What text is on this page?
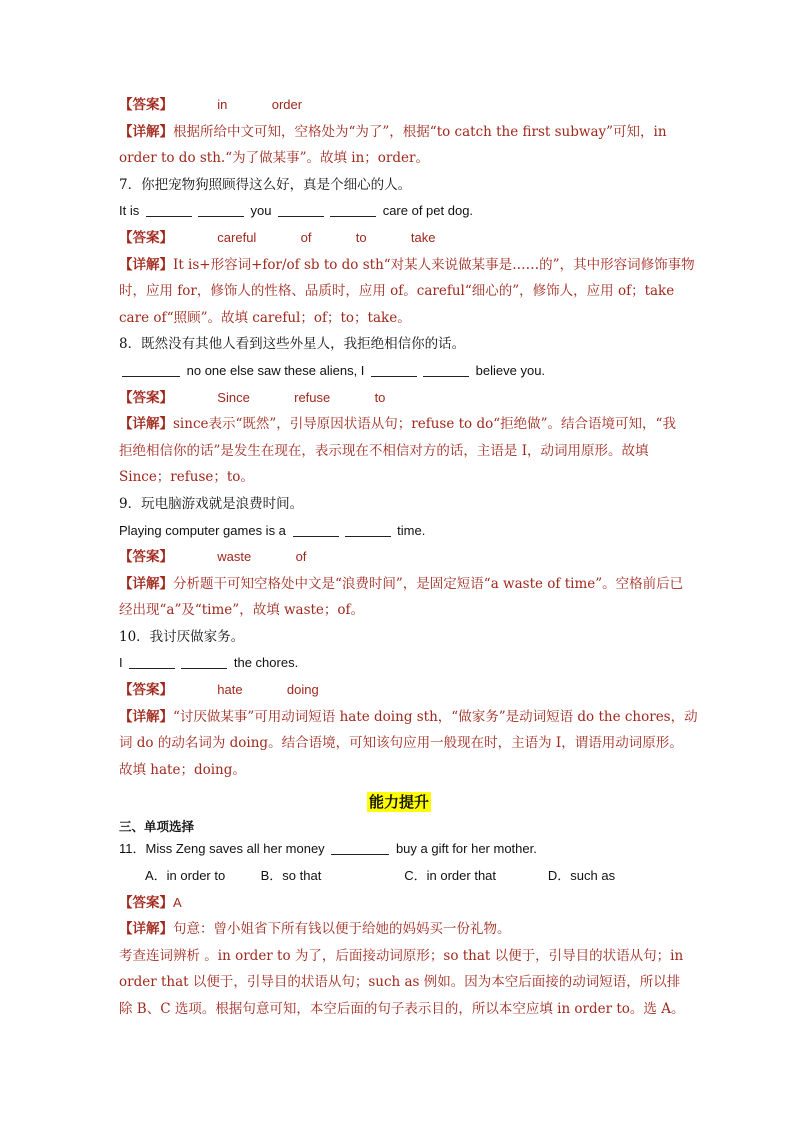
【答案】	in	order
【详解】根据所给中文可知，空格处为“为了”，根据“to catch the first subway”可知，in
order to do sth.“为了做某事”。故填 in；order。
7．你把宠物狗照顾得这么好，真是个细心的人。
It is	you	care of pet dog.
【答案】	careful	of	to	take
【详解】It is+形容词+for/of sb to do sth“对某人来说做某事是……的”，其中形容词修饰事物
时，应用 for，修饰人的性格、品质时，应用 of。careful“细心的”，修饰人，应用 of；take
care of“照顾”。故填 careful；of；to；take。
8．既然没有其他人看到这些外星人，我拒绝相信你的话。
no one else saw these aliens, I	believe you.
【答案】	Since	refuse	to
【详解】since表示“既然”，引导原因状语从句；refuse to do“拒绝做”。结合语境可知，“我
拒绝相信你的话”是发生在现在，表示现在不相信对方的话，主语是 I，动词用原形。故填
Since；refuse；to。
9．玩电脑游戏就是浪费时间。
Playing computer games is a	time.
【答案】	waste	of
【详解】分析题干可知空格处中文是“浪费时间”，是固定短语“a waste of time”。空格前后已
经出现“a”及“time”，故填 waste；of。
10．我讨厌做家务。
I	the chores.
【答案】	hate	doing
【详解】“讨厌做某事”可用动词短语 hate doing sth，“做家务”是动词短语 do the chores，动
词 do 的动名词为 doing。结合语境，可知该句应用一般现在时，主语为 I，谓语用动词原形。
故填 hate；doing。
能力提升
三、单项选择
11．Miss Zeng saves all her money	buy a gift for her mother.
A．in order to	B．so that	C．in order that	D．such as
【答案】A
【详解】句意：曾小姐省下所有钱以便于给她的妈妈买一份礼物。
考查连词辨析 。in order to 为了，后面接动词原形；so that 以便于，引导目的状语从句；in
order that 以便于，引导目的状语从句；such as 例如。因为本空后面接的动词短语，所以排
除 B、C 选项。根据句意可知，本空后面的句子表示目的，所以本空应填 in order to。选 A。
